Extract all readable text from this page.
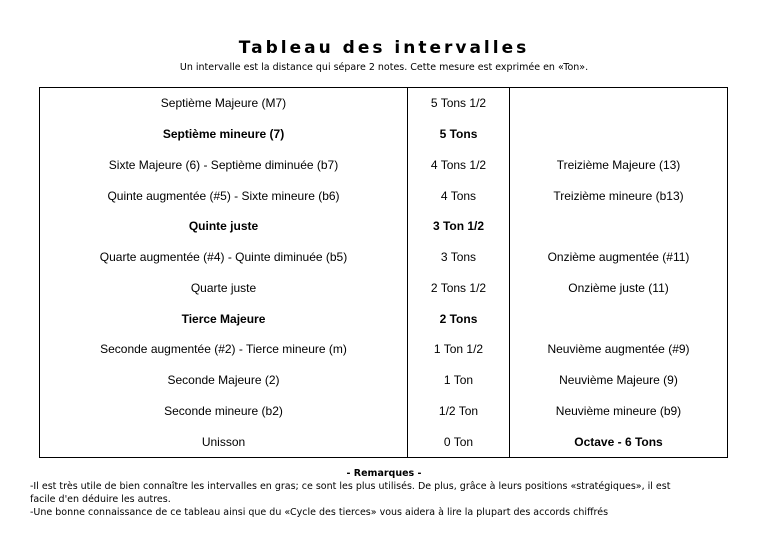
Tableau des intervalles
Un intervalle est la distance qui sépare 2 notes. Cette mesure est exprimée en «Ton».
Septième Majeure (M7)	5 Tons 1/2	
Septième mineure (7)	5 Tons	
Sixte Majeure (6) - Septième diminuée (b7)	4 Tons 1/2	Treizième Majeure (13)
Quinte augmentée (#5) - Sixte mineure (b6)	4 Tons	Treizième mineure (b13)
Quinte juste	3 Ton 1/2	
Quarte augmentée (#4) - Quinte diminuée (b5)	3 Tons	Onzième augmentée (#11)
Quarte juste	2 Tons 1/2	Onzième juste (11)
Tierce Majeure	2 Tons	
Seconde augmentée (#2) - Tierce mineure (m)	1 Ton 1/2	Neuvième augmentée (#9)
Seconde Majeure (2)	1 Ton	Neuvième Majeure (9)
Seconde mineure (b2)	1/2 Ton	Neuvième mineure (b9)
Unisson	0 Ton	Octave - 6 Tons
- Remarques -
-Il est très utile de bien connaître les intervalles en gras; ce sont les plus utilisés. De plus, grâce à leurs positions «stratégiques», il est
facile d'en déduire les autres.
-Une bonne connaissance de ce tableau ainsi que du «Cycle des tierces» vous aidera à lire la plupart des accords chiffrés
